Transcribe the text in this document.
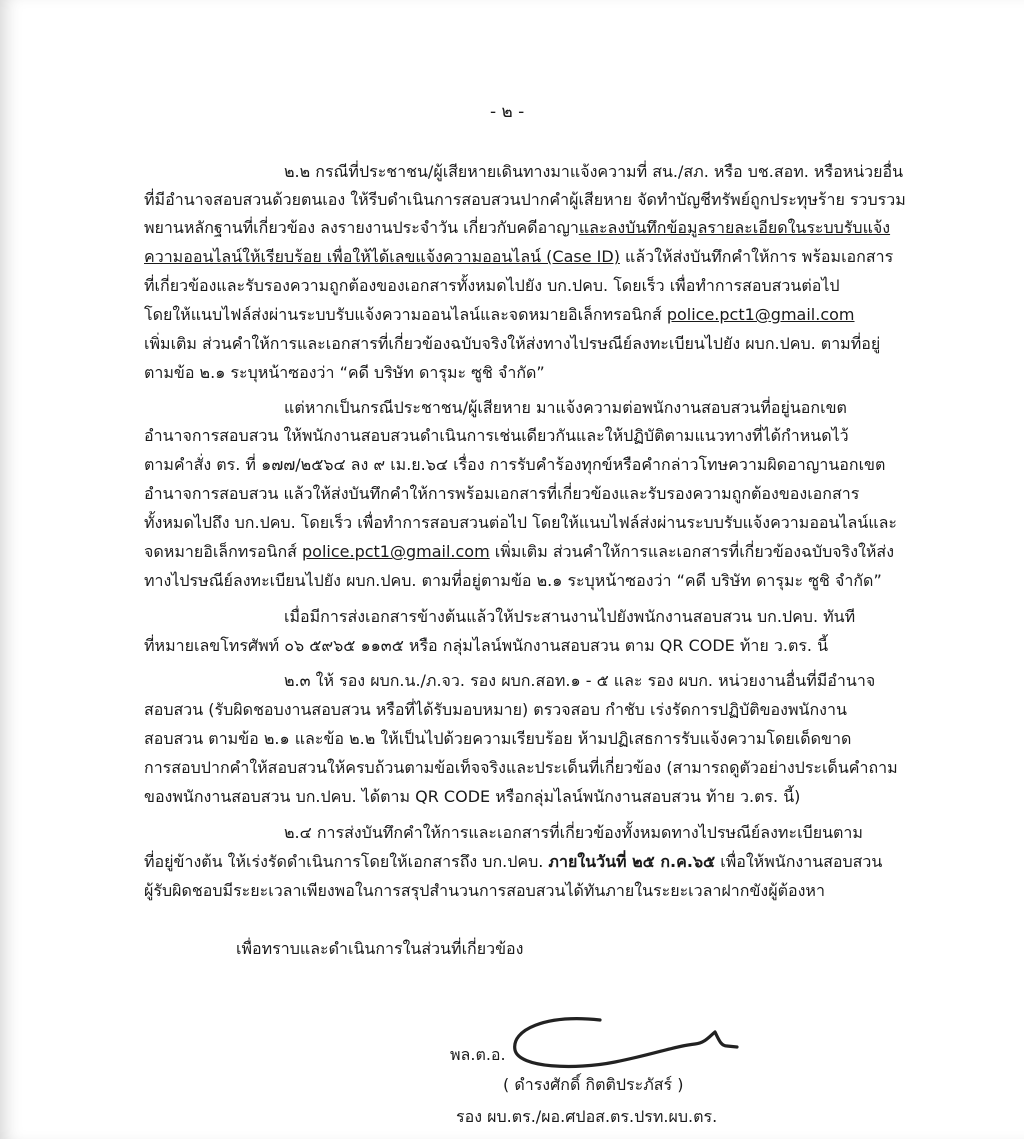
- ๒ -
๒.๒ กรณีที่ประชาชน/ผู้เสียหายเดินทางมาแจ้งความที่ สน./สภ. หรือ บช.สอท. หรือหน่วยอื่น
ที่มีอำนาจสอบสวนด้วยตนเอง ให้รีบดำเนินการสอบสวนปากคำผู้เสียหาย จัดทำบัญชีทรัพย์ถูกประทุษร้าย รวบรวม
พยานหลักฐานที่เกี่ยวข้อง ลงรายงานประจำวัน เกี่ยวกับคดีอาญาและลงบันทึกข้อมูลรายละเอียดในระบบรับแจ้ง
ความออนไลน์ให้เรียบร้อย เพื่อให้ได้เลขแจ้งความออนไลน์ (Case ID) แล้วให้ส่งบันทึกคำให้การ พร้อมเอกสาร
ที่เกี่ยวข้องและรับรองความถูกต้องของเอกสารทั้งหมดไปยัง บก.ปคบ. โดยเร็ว เพื่อทำการสอบสวนต่อไป
โดยให้แนบไฟล์ส่งผ่านระบบรับแจ้งความออนไลน์และจดหมายอิเล็กทรอนิกส์ police.pct1@gmail.com
เพิ่มเติม ส่วนคำให้การและเอกสารที่เกี่ยวข้องฉบับจริงให้ส่งทางไปรษณีย์ลงทะเบียนไปยัง ผบก.ปคบ. ตามที่อยู่
ตามข้อ ๒.๑ ระบุหน้าซองว่า “คดี บริษัท ดารุมะ ซูชิ จำกัด”
แต่หากเป็นกรณีประชาชน/ผู้เสียหาย มาแจ้งความต่อพนักงานสอบสวนที่อยู่นอกเขต
อำนาจการสอบสวน ให้พนักงานสอบสวนดำเนินการเช่นเดียวกันและให้ปฏิบัติตามแนวทางที่ได้กำหนดไว้
ตามคำสั่ง ตร. ที่ ๑๗๗/๒๕๖๔ ลง ๙ เม.ย.๖๔ เรื่อง การรับคำร้องทุกข์หรือคำกล่าวโทษความผิดอาญานอกเขต
อำนาจการสอบสวน แล้วให้ส่งบันทึกคำให้การพร้อมเอกสารที่เกี่ยวข้องและรับรองความถูกต้องของเอกสาร
ทั้งหมดไปถึง บก.ปคบ. โดยเร็ว เพื่อทำการสอบสวนต่อไป โดยให้แนบไฟล์ส่งผ่านระบบรับแจ้งความออนไลน์และ
จดหมายอิเล็กทรอนิกส์ police.pct1@gmail.com เพิ่มเติม ส่วนคำให้การและเอกสารที่เกี่ยวข้องฉบับจริงให้ส่ง
ทางไปรษณีย์ลงทะเบียนไปยัง ผบก.ปคบ. ตามที่อยู่ตามข้อ ๒.๑ ระบุหน้าซองว่า “คดี บริษัท ดารุมะ ซูชิ จำกัด”
เมื่อมีการส่งเอกสารข้างต้นแล้วให้ประสานงานไปยังพนักงานสอบสวน บก.ปคบ. ทันที
ที่หมายเลขโทรศัพท์ ๐๖ ๕๙๖๕ ๑๑๓๕ หรือ กลุ่มไลน์พนักงานสอบสวน ตาม QR CODE ท้าย ว.ตร. นี้
๒.๓ ให้ รอง ผบก.น./ภ.จว. รอง ผบก.สอท.๑ - ๕ และ รอง ผบก. หน่วยงานอื่นที่มีอำนาจ
สอบสวน (รับผิดชอบงานสอบสวน หรือที่ได้รับมอบหมาย) ตรวจสอบ กำชับ เร่งรัดการปฏิบัติของพนักงาน
สอบสวน ตามข้อ ๒.๑ และข้อ ๒.๒ ให้เป็นไปด้วยความเรียบร้อย ห้ามปฏิเสธการรับแจ้งความโดยเด็ดขาด
การสอบปากคำให้สอบสวนให้ครบถ้วนตามข้อเท็จจริงและประเด็นที่เกี่ยวข้อง (สามารถดูตัวอย่างประเด็นคำถาม
ของพนักงานสอบสวน บก.ปคบ. ได้ตาม QR CODE หรือกลุ่มไลน์พนักงานสอบสวน ท้าย ว.ตร. นี้)
๒.๔ การส่งบันทึกคำให้การและเอกสารที่เกี่ยวข้องทั้งหมดทางไปรษณีย์ลงทะเบียนตาม
ที่อยู่ข้างต้น ให้เร่งรัดดำเนินการโดยให้เอกสารถึง บก.ปคบ. ภายในวันที่ ๒๕ ก.ค.๖๕ เพื่อให้พนักงานสอบสวน
ผู้รับผิดชอบมีระยะเวลาเพียงพอในการสรุปสำนวนการสอบสวนได้ทันภายในระยะเวลาฝากขังผู้ต้องหา
เพื่อทราบและดำเนินการในส่วนที่เกี่ยวข้อง
พล.ต.อ.
( ดำรงศักดิ์ กิตติประภัสร์ )
รอง ผบ.ตร./ผอ.ศปอส.ตร.ปรท.ผบ.ตร.
